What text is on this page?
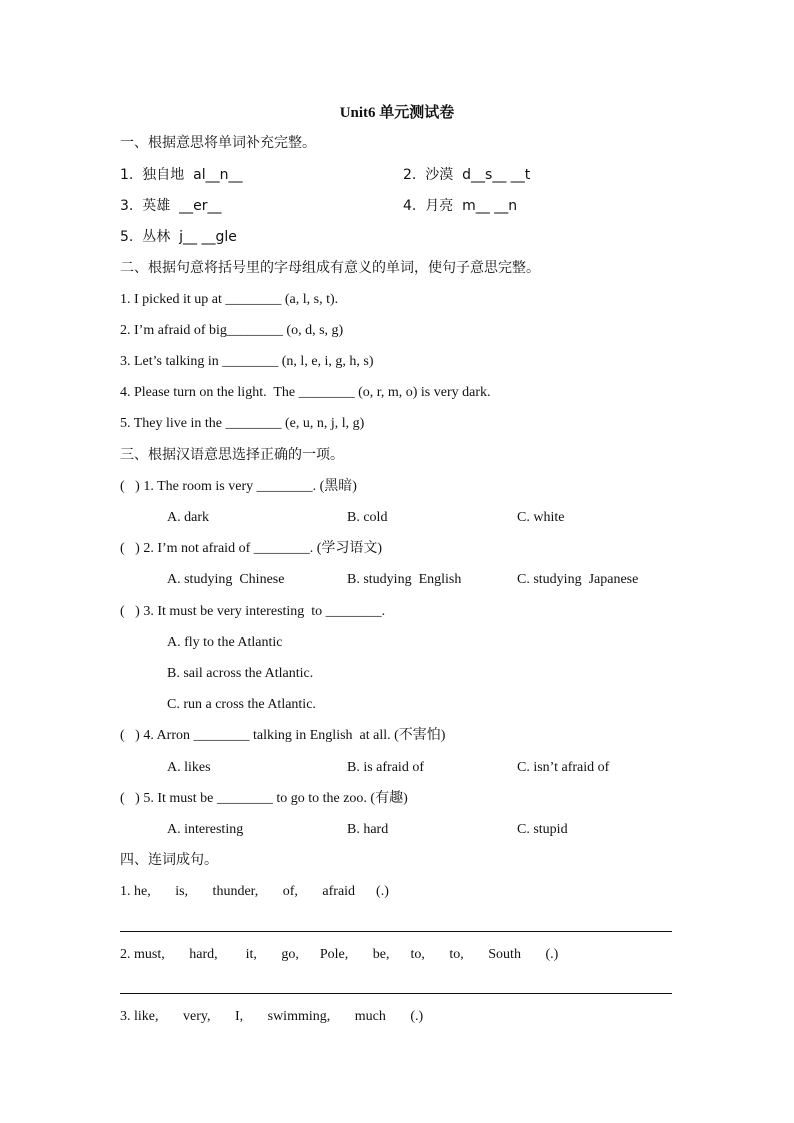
Unit6 单元测试卷
一、根据意思将单词补充完整。
1.  独自地  al__n__	2.  沙漠  d__s__ __t
3.  英雄  __er__	4.  月亮  m__ __n
5.  丛林  j__ __gle
二、根据句意将括号里的字母组成有意义的单词，使句子意思完整。
1. I picked it up at ________ (a, l, s, t).
2. I’m afraid of big________ (o, d, s, g)
3. Let’s talking in ________ (n, l, e, i, g, h, s)
4. Please turn on the light.  The ________ (o, r, m, o) is very dark.
5. They live in the ________ (e, u, n, j, l, g)
三、根据汉语意思选择正确的一项。
(   ) 1. The room is very ________. (黑暗)
A. dark	B. cold	C. white
(   ) 2. I’m not afraid of ________. (学习语文)
A. studying  Chinese	B. studying  English	C. studying  Japanese
(   ) 3. It must be very interesting  to ________.
A. fly to the Atlantic
B. sail across the Atlantic.
C. run a cross the Atlantic.
(   ) 4. Arron ________ talking in English  at all. (不害怕)
A. likes	B. is afraid of	C. isn’t afraid of
(   ) 5. It must be ________ to go to the zoo. (有趣)
A. interesting	B. hard	C. stupid
四、连词成句。
1. he,       is,       thunder,       of,       afraid      (.)
2. must,       hard,        it,       go,      Pole,       be,      to,       to,       South       (.)
3. like,       very,       I,       swimming,       much       (.)
